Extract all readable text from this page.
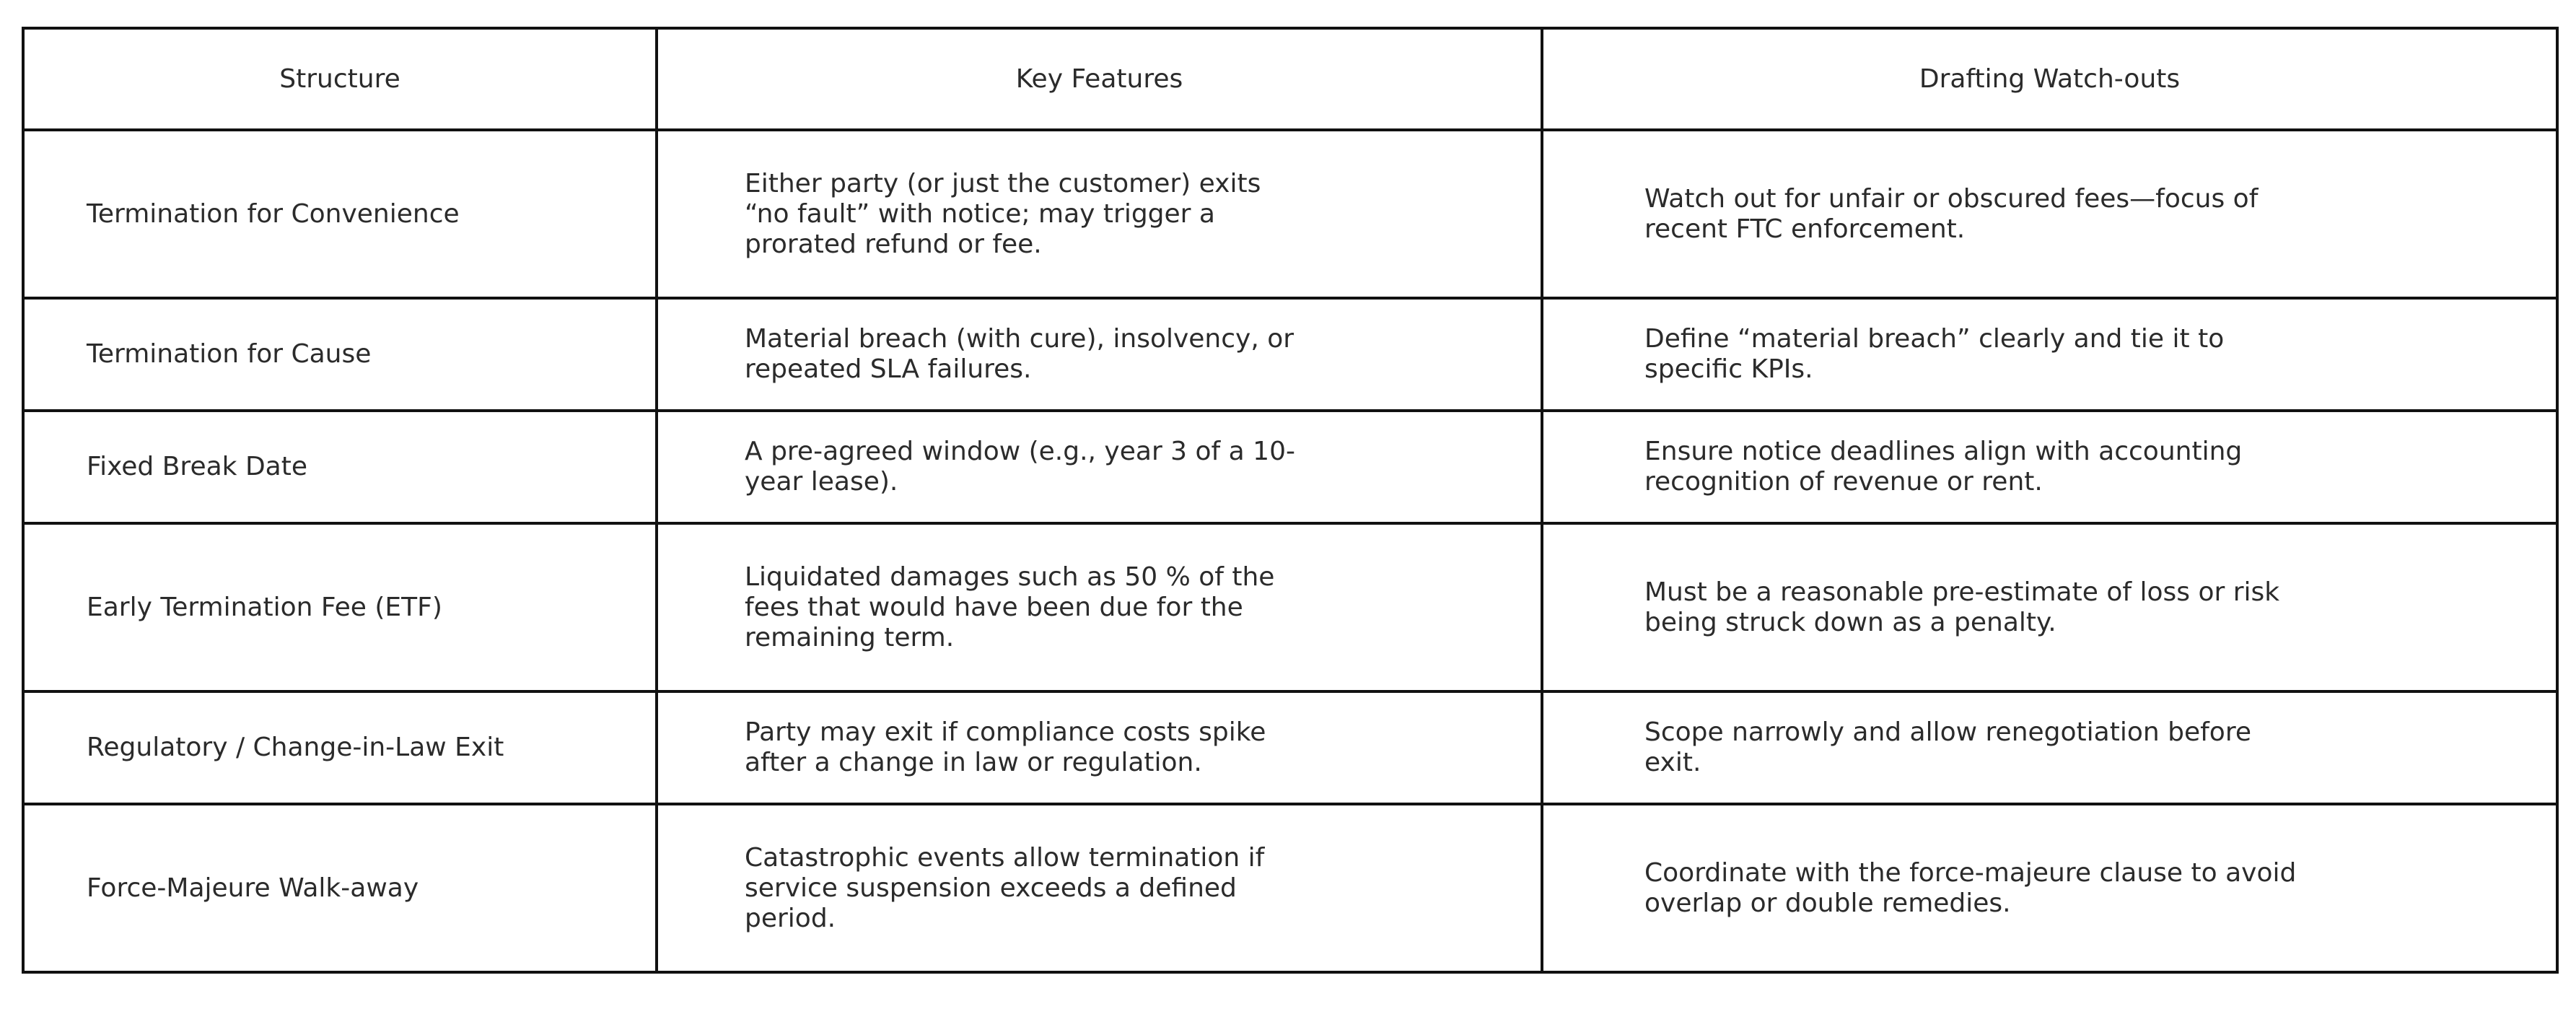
Structure	Key Features	Drafting Watch-outs

Termination for Convenience	Either party (or just the customer) exits “no fault” with notice; may trigger a prorated refund or fee.	Watch out for unfair or obscured fees—focus of recent FTC enforcement.

Termination for Cause	Material breach (with cure), insolvency, or repeated SLA failures.	Define “material breach” clearly and tie it to specific KPIs.

Fixed Break Date	A pre-agreed window (e.g., year 3 of a 10-year lease).	Ensure notice deadlines align with accounting recognition of revenue or rent.

Early Termination Fee (ETF)	Liquidated damages such as 50 % of the fees that would have been due for the remaining term.	Must be a reasonable pre-estimate of loss or risk being struck down as a penalty.

Regulatory / Change-in-Law Exit	Party may exit if compliance costs spike after a change in law or regulation.	Scope narrowly and allow renegotiation before exit.

Force-Majeure Walk-away	Catastrophic events allow termination if service suspension exceeds a defined period.	Coordinate with the force-majeure clause to avoid overlap or double remedies.
